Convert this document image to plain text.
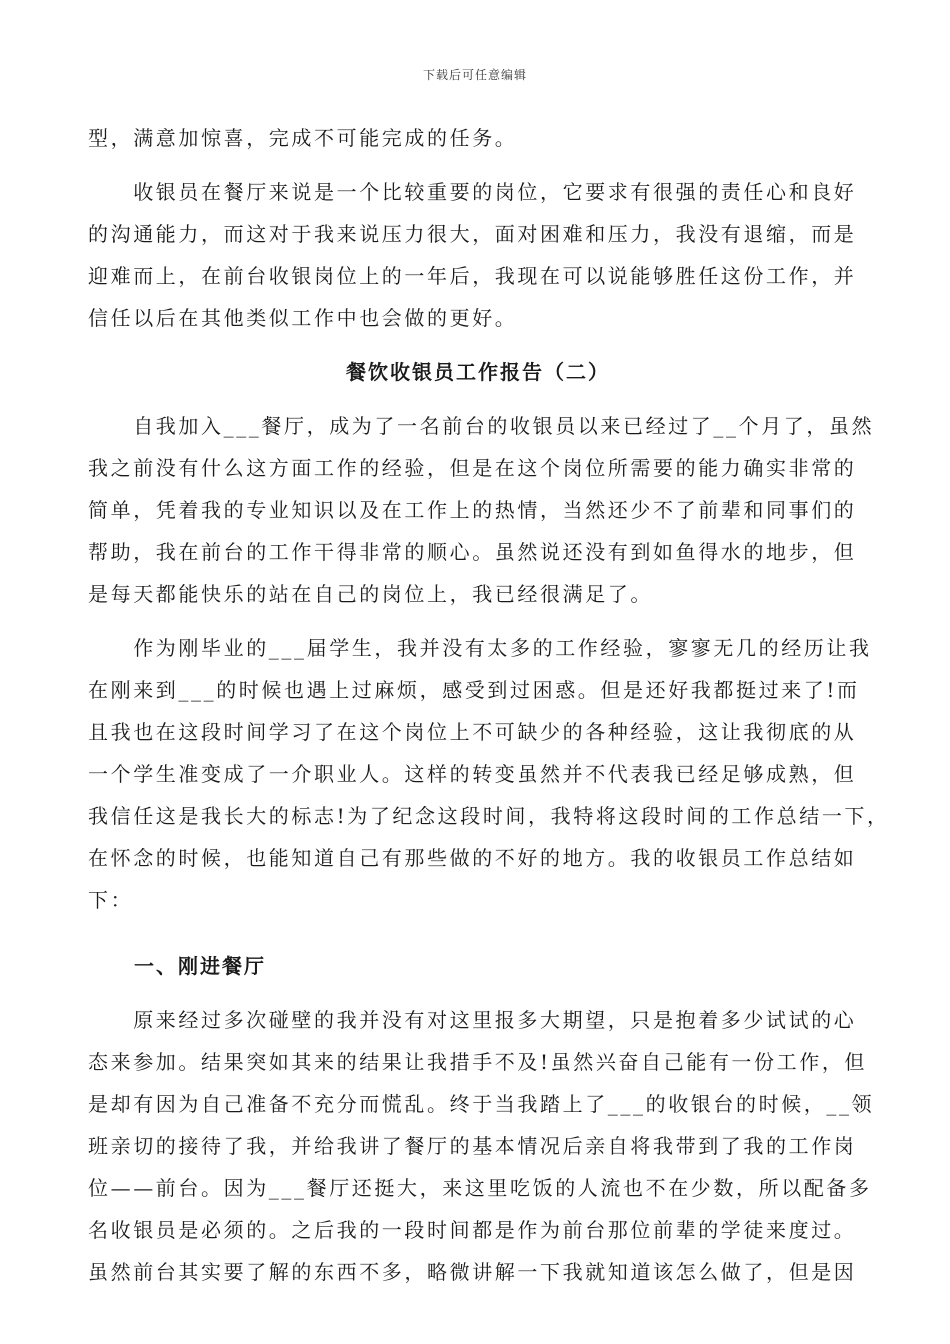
下载后可任意编辑
型，满意加惊喜，完成不可能完成的任务。
　　收银员在餐厅来说是一个比较重要的岗位，它要求有很强的责任心和良好
的沟通能力，而这对于我来说压力很大，面对困难和压力，我没有退缩，而是
迎难而上，在前台收银岗位上的一年后，我现在可以说能够胜任这份工作，并
信任以后在其他类似工作中也会做的更好。
餐饮收银员工作报告（二）
　　自我加入___餐厅，成为了一名前台的收银员以来已经过了__个月了，虽然
我之前没有什么这方面工作的经验，但是在这个岗位所需要的能力确实非常的
简单，凭着我的专业知识以及在工作上的热情，当然还少不了前辈和同事们的
帮助，我在前台的工作干得非常的顺心。虽然说还没有到如鱼得水的地步，但
是每天都能快乐的站在自己的岗位上，我已经很满足了。
　　作为刚毕业的___届学生，我并没有太多的工作经验，寥寥无几的经历让我
在刚来到___的时候也遇上过麻烦，感受到过困惑。但是还好我都挺过来了!而
且我也在这段时间学习了在这个岗位上不可缺少的各种经验，这让我彻底的从
一个学生准变成了一介职业人。这样的转变虽然并不代表我已经足够成熟，但
我信任这是我长大的标志!为了纪念这段时间，我特将这段时间的工作总结一下，
在怀念的时候，也能知道自己有那些做的不好的地方。我的收银员工作总结如
下：
一、刚进餐厅
　　原来经过多次碰壁的我并没有对这里报多大期望，只是抱着多少试试的心
态来参加。结果突如其来的结果让我措手不及!虽然兴奋自己能有一份工作，但
是却有因为自己准备不充分而慌乱。终于当我踏上了___的收银台的时候，__领
班亲切的接待了我，并给我讲了餐厅的基本情况后亲自将我带到了我的工作岗
位——前台。因为___餐厅还挺大，来这里吃饭的人流也不在少数，所以配备多
名收银员是必须的。之后我的一段时间都是作为前台那位前辈的学徒来度过。
虽然前台其实要了解的东西不多，略微讲解一下我就知道该怎么做了，但是因
